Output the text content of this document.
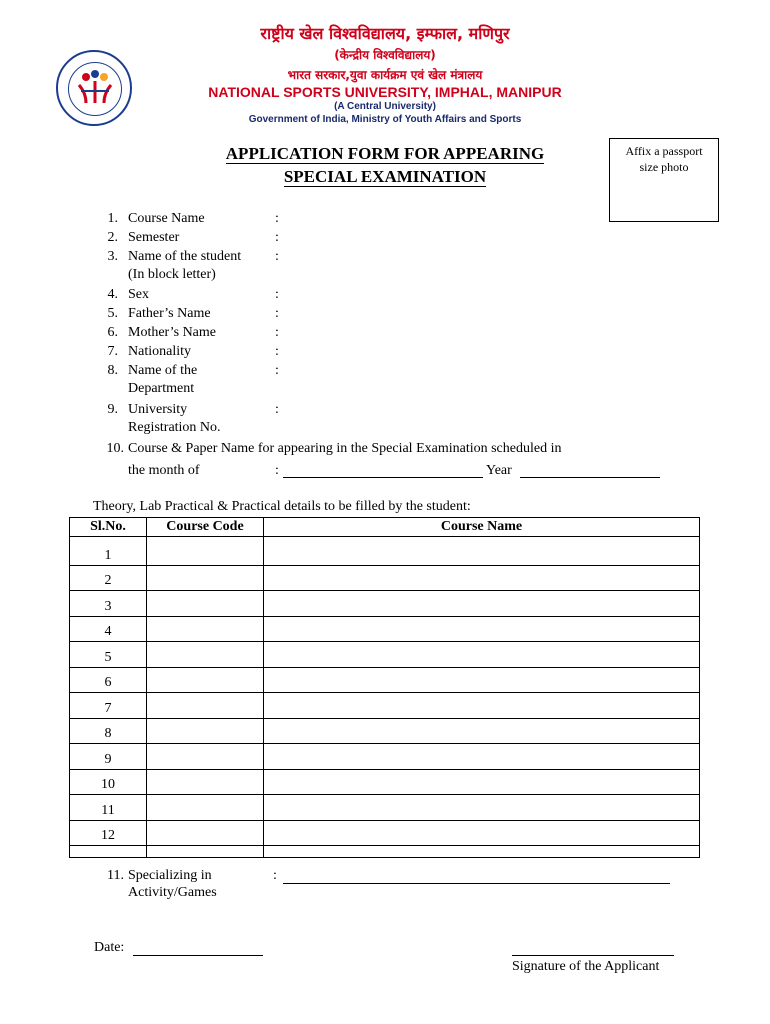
राष्ट्रीय खेल विश्वविद्यालय, इम्फाल, मणिपुर
(केन्द्रीय विश्वविद्यालय)
भारत सरकार,युवा कार्यक्रम एवं खेल मंत्रालय
NATIONAL SPORTS UNIVERSITY, IMPHAL, MANIPUR
(A Central University)
Government of India, Ministry of Youth Affairs and Sports
Affix a passport
size photo
APPLICATION FORM FOR APPEARING
SPECIAL EXAMINATION
1. Course Name	:
2. Semester	:
3. Name of the student
(In block letter)
:
4. Sex	:
5. Father’s Name	:
6. Mother’s Name	:
7. Nationality	:
8. Name of the
Department
:
9. University
Registration No.
:
10. Course & Paper Name for appearing in the Special Examination scheduled in
the month of	:	Year
Theory, Lab Practical & Practical details to be filled by the student:
Sl.No.	Course Code	Course Name
1		
2		
3		
4		
5		
6		
7		
8		
9		
10		
11		
12		

11. Specializing in
Activity/Games
:
Date:
Signature of the Applicant
